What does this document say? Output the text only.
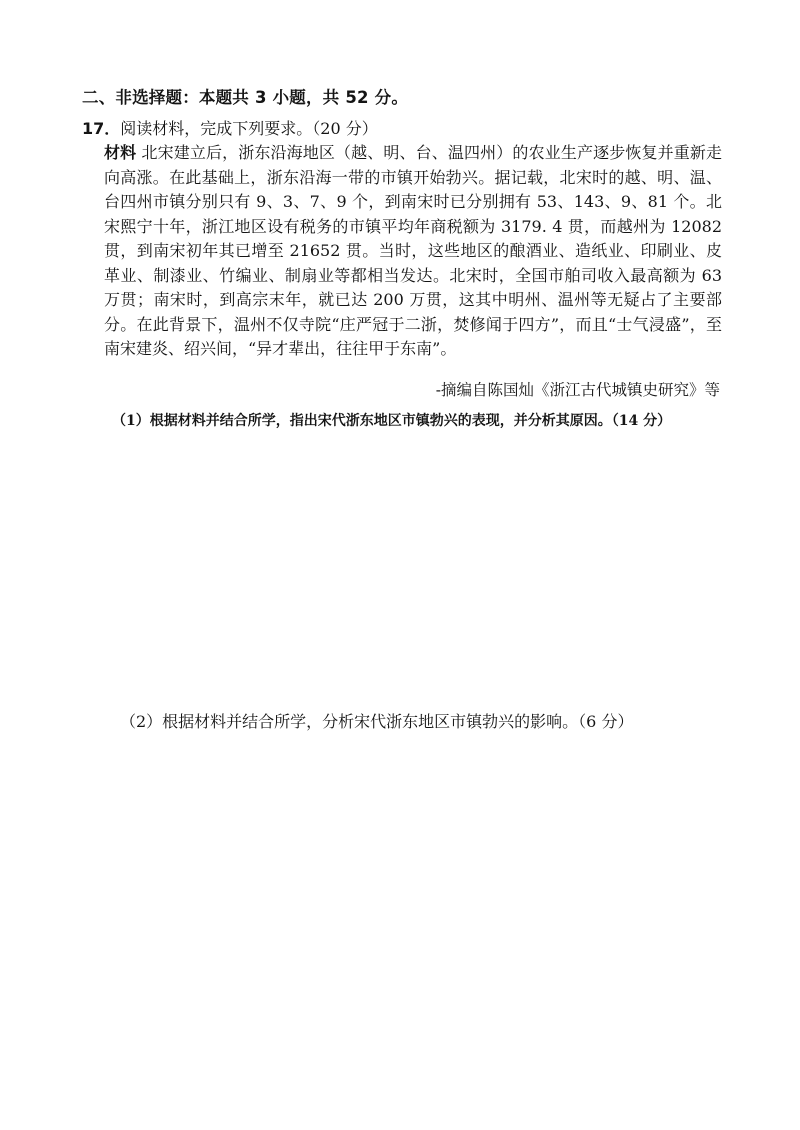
二、非选择题：本题共 3 小题，共 52 分。
17．阅读材料，完成下列要求。（20 分）
材料 北宋建立后，浙东沿海地区（越、明、台、温四州）的农业生产逐步恢复并重新走向高涨。在此基础上，浙东沿海一带的市镇开始勃兴。据记载，北宋时的越、明、温、台四州市镇分别只有 9、3、7、9 个，到南宋时已分别拥有 53、143、9、81 个。北宋熙宁十年，浙江地区设有税务的市镇平均年商税额为 3179. 4 贯，而越州为 12082 贯，到南宋初年其已增至 21652 贯。当时，这些地区的酿酒业、造纸业、印刷业、皮革业、制漆业、竹编业、制扇业等都相当发达。北宋时，全国市舶司收入最高额为 63 万贯；南宋时，到高宗末年，就已达 200 万贯，这其中明州、温州等无疑占了主要部分。在此背景下，温州不仅寺院“庄严冠于二浙，焚修闻于四方”，而且“士气浸盛”，至南宋建炎、绍兴间，“异才辈出，往往甲于东南”。
-摘编自陈国灿《浙江古代城镇史研究》等
（1）根据材料并结合所学，指出宋代浙东地区市镇勃兴的表现，并分析其原因。（14 分）
（2）根据材料并结合所学，分析宋代浙东地区市镇勃兴的影响。（6 分）
